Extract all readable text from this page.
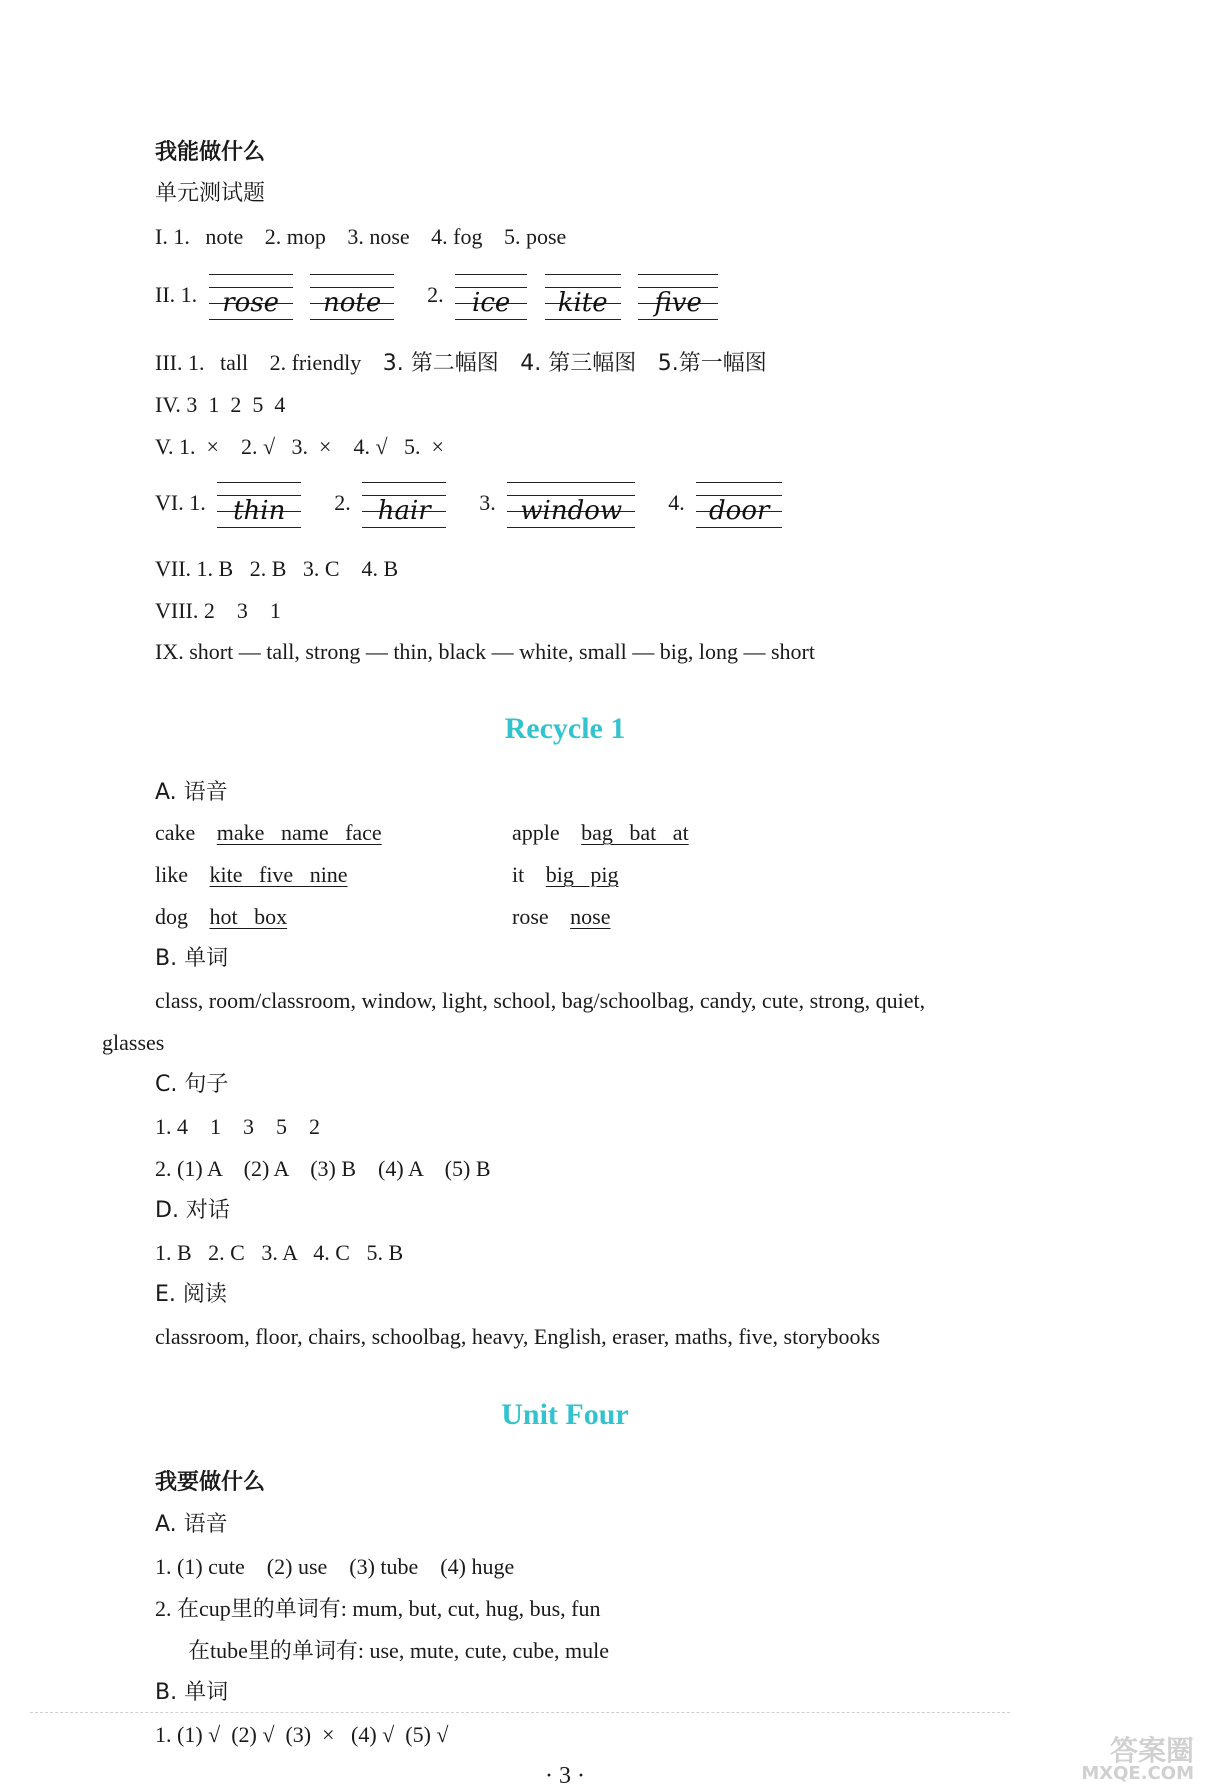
我能做什么
单元测试题
I. 1. note 2. mop 3. nose 4. fog 5. pose
II. 1. rose
	note	2.	ice
	kite
	five
III. 1. tall 2. friendly 3. 第二幅图 4. 第三幅图 5.第一幅图
IV. 3  1  2  5  4
V. 1.  ×    2. √   3.  ×    4. √   5.  ×
VI. 1.	thin	2.	hair	3. window	4. door
VII. 1. B   2. B   3. C    4. B
VIII. 2    3    1
IX. short — tall, strong — thin, black — white, small — big, long — short
Recycle 1
A. 语音
cake make   name   face	apple bag   bat   at
like kite   five   nine	it big   pig
dog hot   box	rose nose
B. 单词
class, room/classroom, window, light, school, bag/schoolbag, candy, cute, strong, quiet,
glasses
C. 句子
1. 4    1    3    5    2
2. (1) A    (2) A    (3) B    (4) A    (5) B
D. 对话
1. B   2. C   3. A   4. C   5. B
E. 阅读
classroom, floor, chairs, schoolbag, heavy, English, eraser, maths, five, storybooks
Unit Four
我要做什么
A. 语音
1. (1) cute    (2) use    (3) tube    (4) huge
2. 在cup里的单词有: mum, but, cut, hug, bus, fun
在tube里的单词有: use, mute, cute, cube, mule
B. 单词
1. (1) √  (2) √  (3)  ×   (4) √  (5) √
· 3 ·
答案圈
MXQE.COM
